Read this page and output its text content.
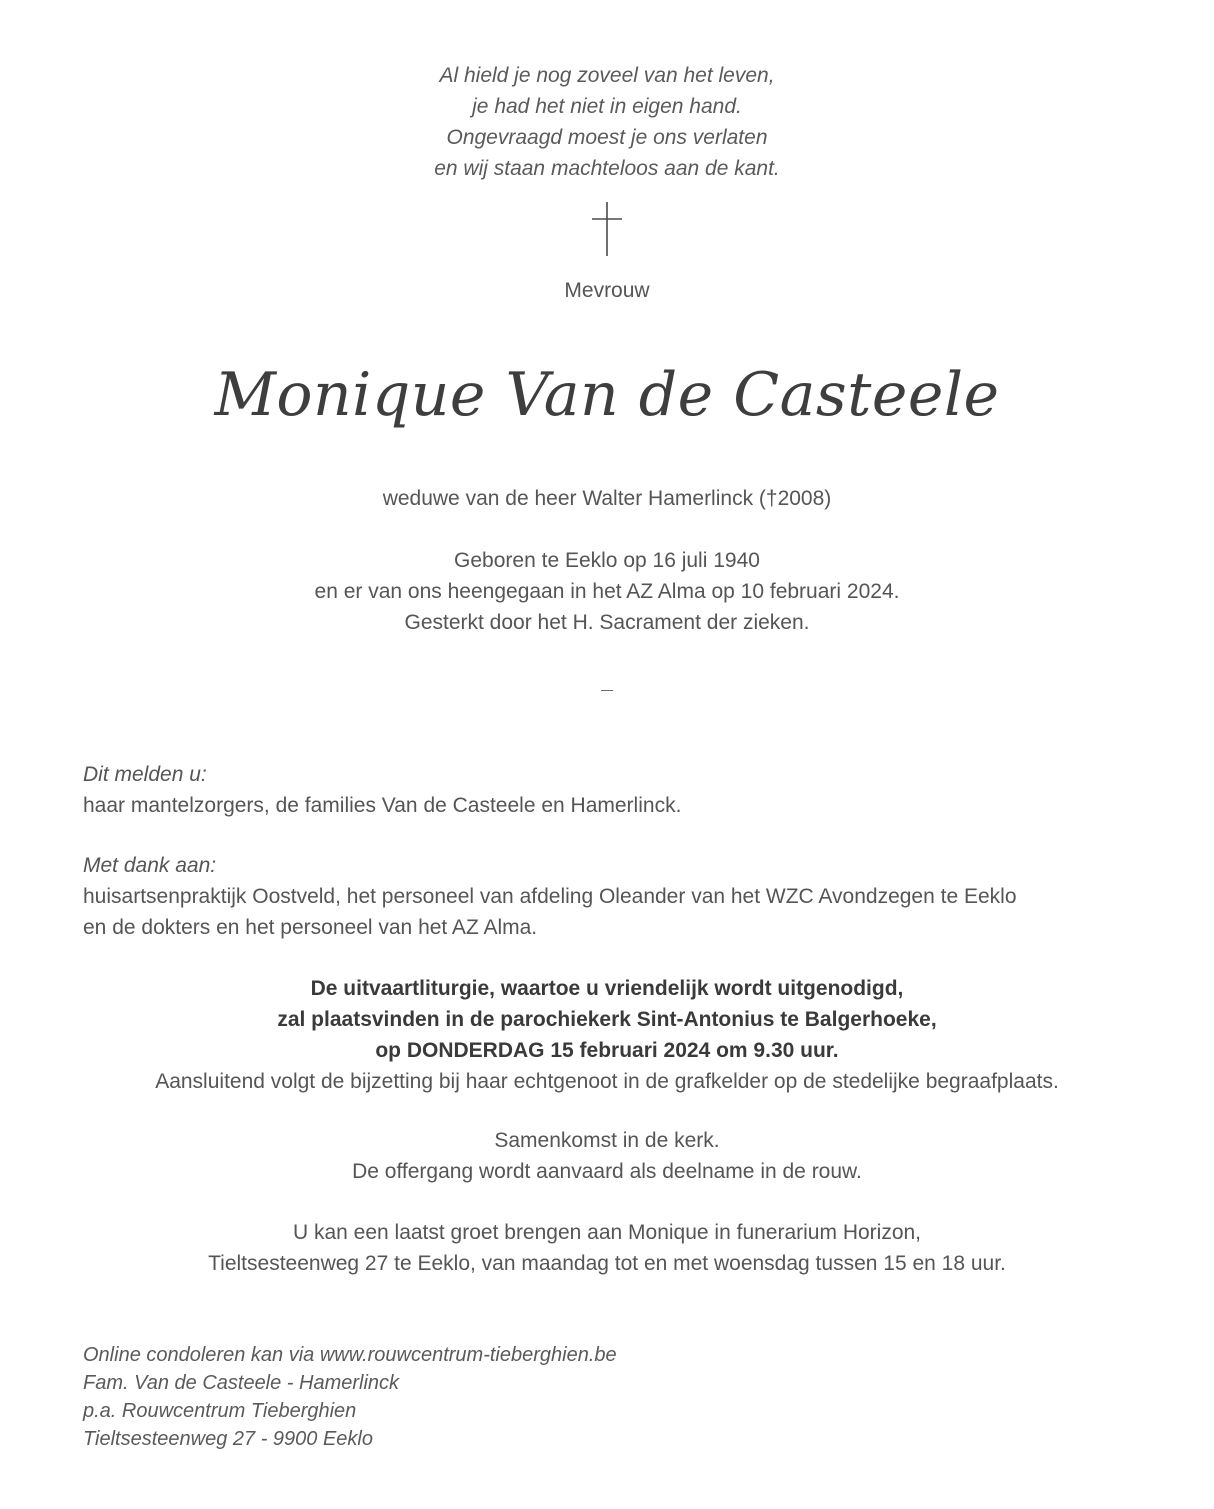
Al hield je nog zoveel van het leven,
je had het niet in eigen hand.
Ongevraagd moest je ons verlaten
en wij staan machteloos aan de kant.
Mevrouw
Monique Van de Casteele
weduwe van de heer Walter Hamerlinck (†2008)
Geboren te Eeklo op 16 juli 1940
en er van ons heengegaan in het AZ Alma op 10 februari 2024.
Gesterkt door het H. Sacrament der zieken.
Dit melden u:
haar mantelzorgers, de families Van de Casteele en Hamerlinck.
Met dank aan:
huisartsenpraktijk Oostveld, het personeel van afdeling Oleander van het WZC Avondzegen te Eeklo
en de dokters en het personeel van het AZ Alma.
De uitvaartliturgie, waartoe u vriendelijk wordt uitgenodigd,
zal plaatsvinden in de parochiekerk Sint-Antonius te Balgerhoeke,
op DONDERDAG 15 februari 2024 om 9.30 uur.
Aansluitend volgt de bijzetting bij haar echtgenoot in de grafkelder op de stedelijke begraafplaats.
Samenkomst in de kerk.
De offergang wordt aanvaard als deelname in de rouw.
U kan een laatst groet brengen aan Monique in funerarium Horizon,
Tieltsesteenweg 27 te Eeklo, van maandag tot en met woensdag tussen 15 en 18 uur.
Online condoleren kan via www.rouwcentrum-tieberghien.be
Fam. Van de Casteele - Hamerlinck
p.a. Rouwcentrum Tieberghien
Tieltsesteenweg 27 - 9900 Eeklo
